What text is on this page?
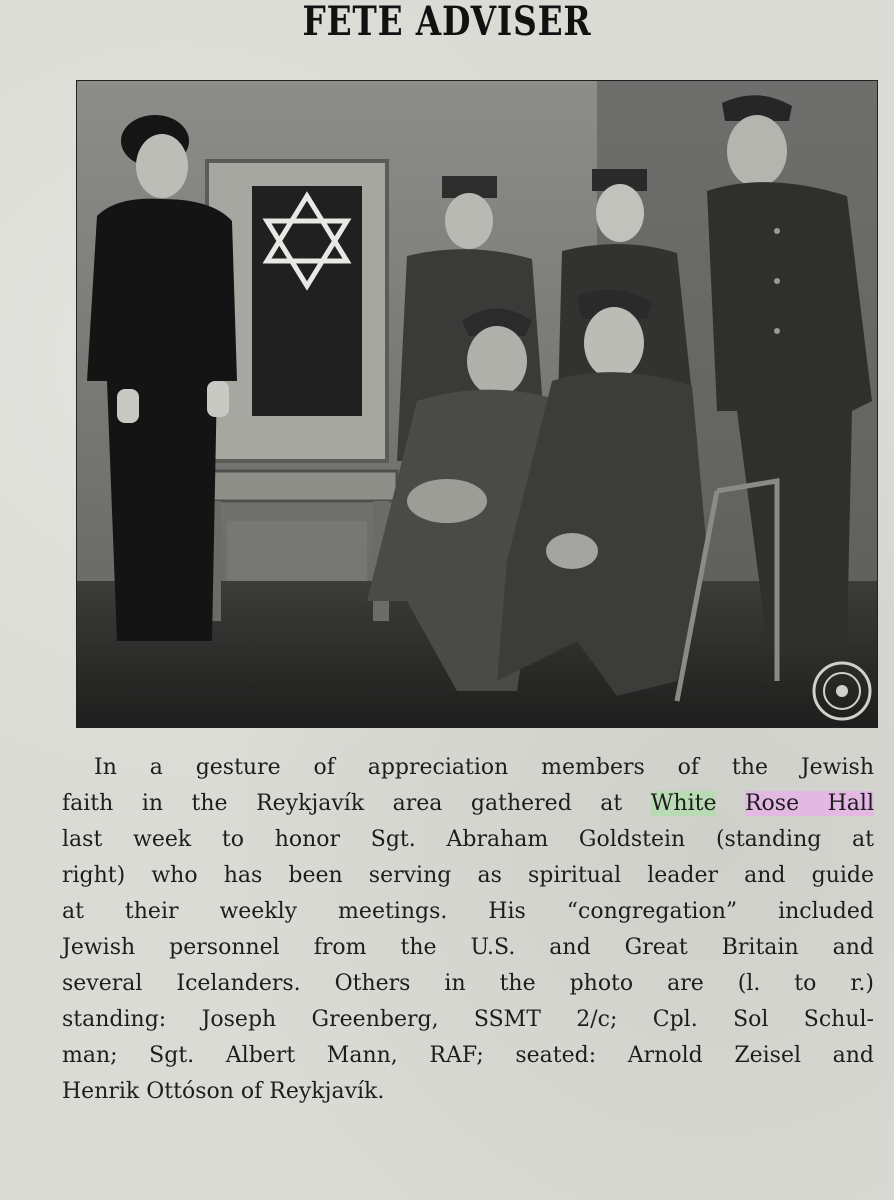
FETE ADVISER
In a gesture of appreciation members of the Jewish
faith in the Reykjavík area gathered at White Rose Hall
last week to honor Sgt. Abraham Goldstein (standing at
right) who has been serving as spiritual leader and guide
at their weekly meetings. His “congregation” included
Jewish personnel from the U.S. and Great Britain and
several Icelanders. Others in the photo are (l. to r.)
standing: Joseph Greenberg, SSMT 2/c; Cpl. Sol Schul-
man; Sgt. Albert Mann, RAF; seated: Arnold Zeisel and
Henrik Ottóson of Reykjavík.
